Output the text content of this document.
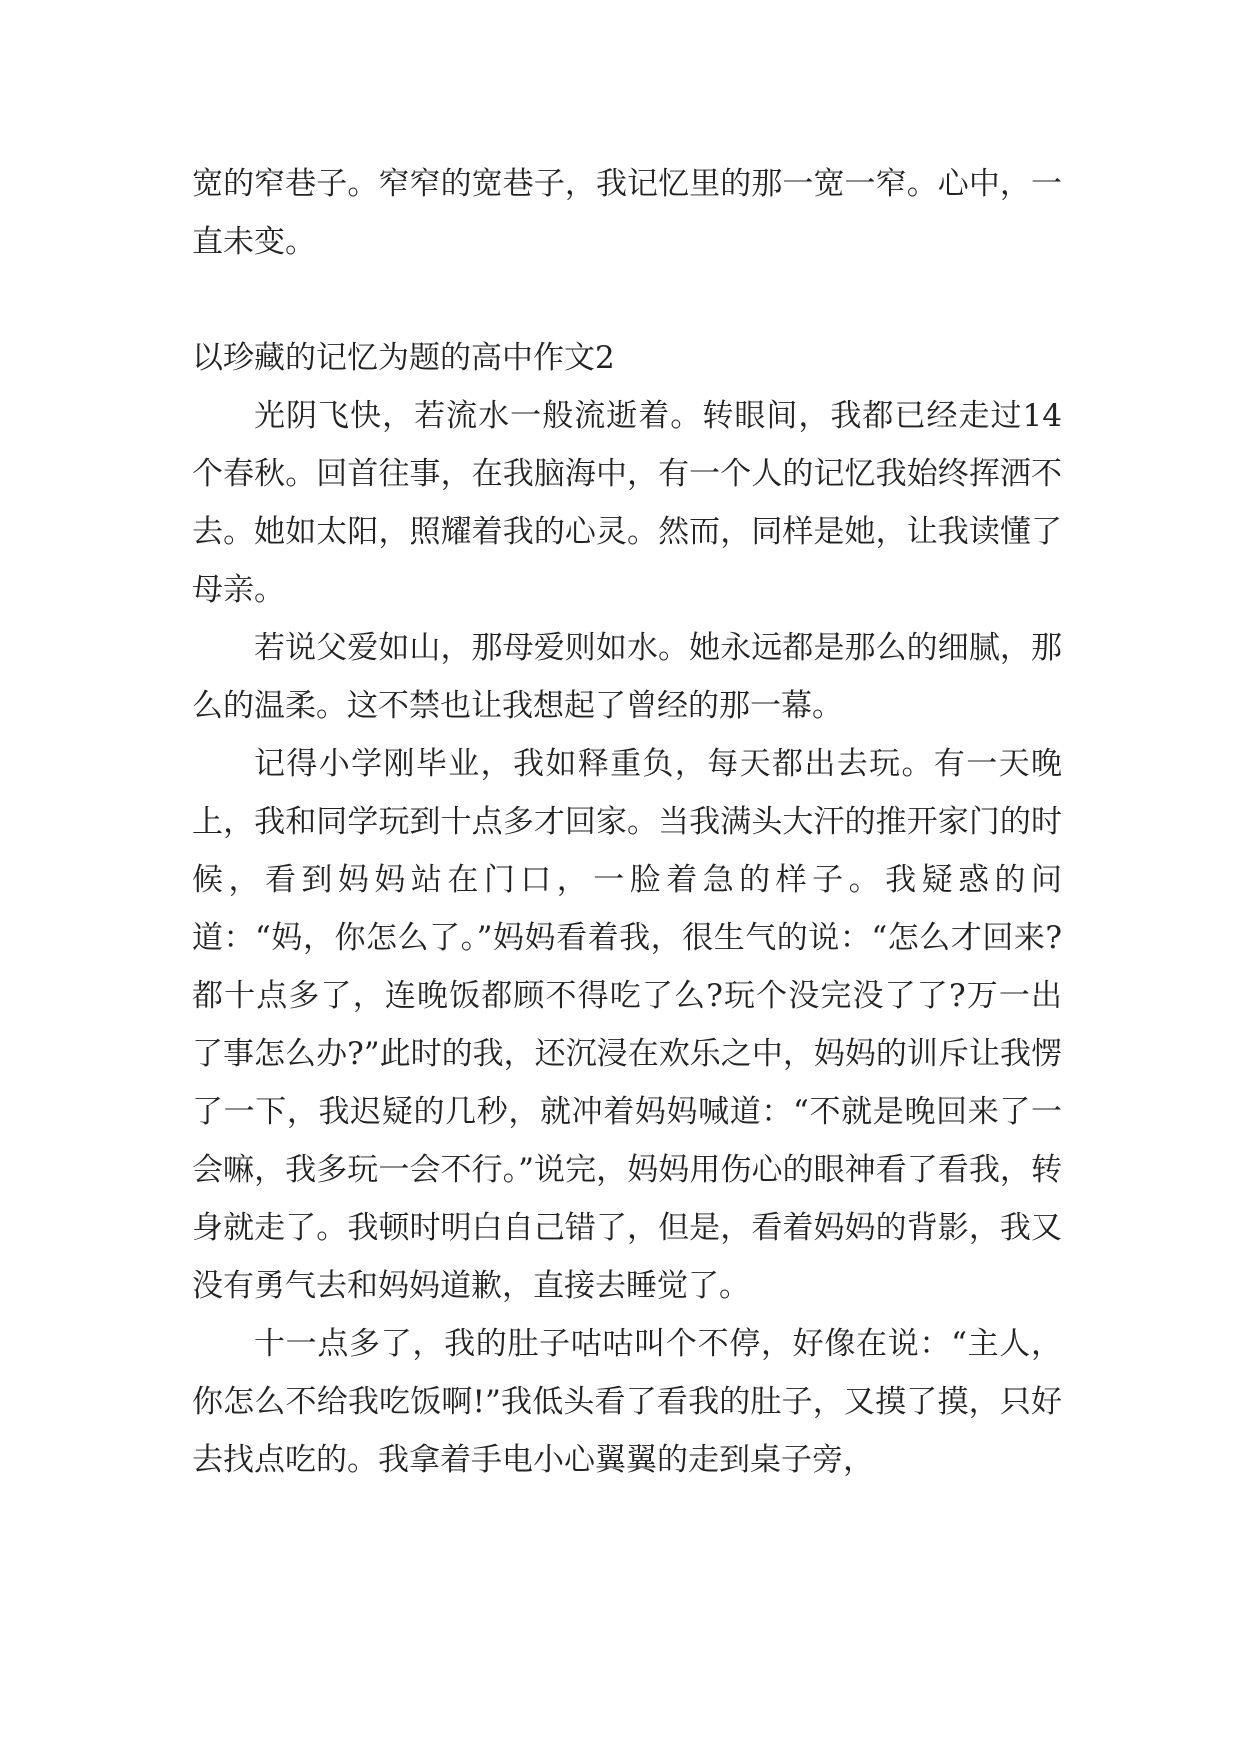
宽的窄巷子。窄窄的宽巷子，我记忆里的那一宽一窄。心中，一直未变。

以珍藏的记忆为题的高中作文2

光阴飞快，若流水一般流逝着。转眼间，我都已经走过14个春秋。回首往事，在我脑海中，有一个人的记忆我始终挥洒不去。她如太阳，照耀着我的心灵。然而，同样是她，让我读懂了母亲。

若说父爱如山，那母爱则如水。她永远都是那么的细腻，那么的温柔。这不禁也让我想起了曾经的那一幕。

记得小学刚毕业，我如释重负，每天都出去玩。有一天晚上，我和同学玩到十点多才回家。当我满头大汗的推开家门的时候，看到妈妈站在门口，一脸着急的样子。我疑惑的问道：“妈，你怎么了。”妈妈看着我，很生气的说：“怎么才回来?都十点多了，连晚饭都顾不得吃了么?玩个没完没了了?万一出了事怎么办?”此时的我，还沉浸在欢乐之中，妈妈的训斥让我愣了一下，我迟疑的几秒，就冲着妈妈喊道：“不就是晚回来了一会嘛，我多玩一会不行。”说完，妈妈用伤心的眼神看了看我，转身就走了。我顿时明白自己错了，但是，看着妈妈的背影，我又没有勇气去和妈妈道歉，直接去睡觉了。

十一点多了，我的肚子咕咕叫个不停，好像在说：“主人，你怎么不给我吃饭啊!”我低头看了看我的肚子，又摸了摸，只好去找点吃的。我拿着手电小心翼翼的走到桌子旁，
